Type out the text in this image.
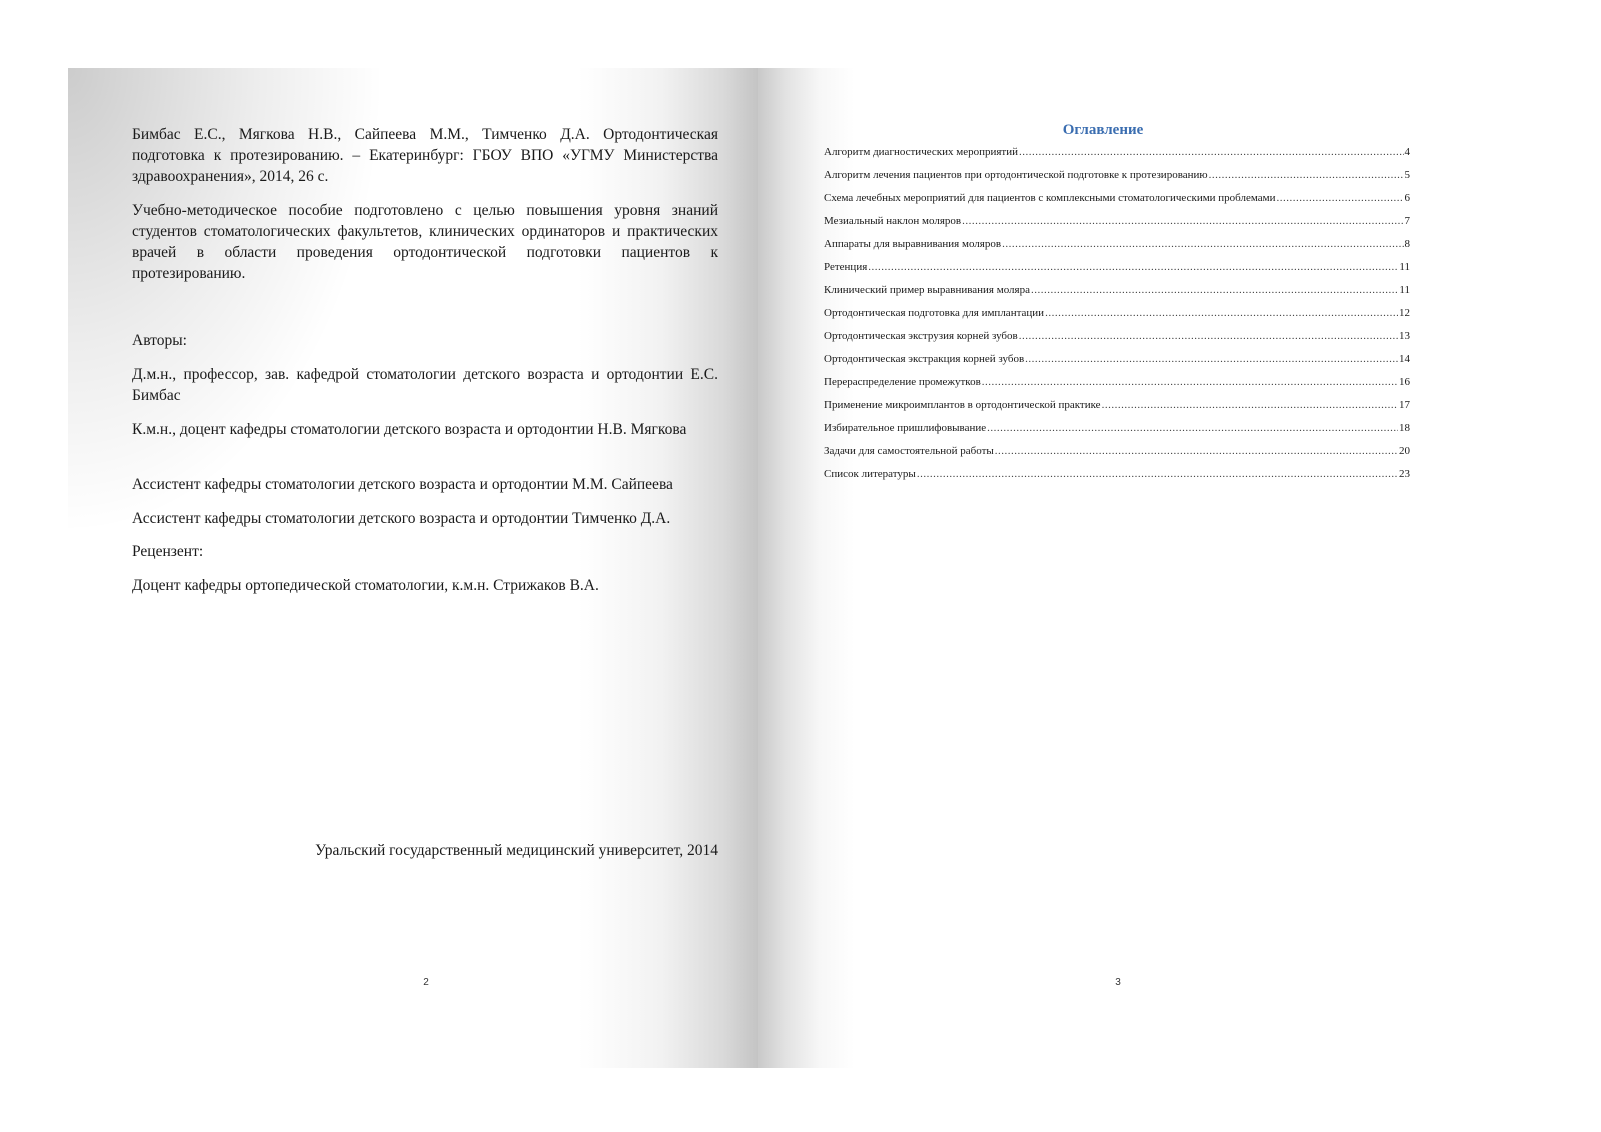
Бимбас Е.С., Мягкова Н.В., Сайпеева М.М., Тимченко Д.А. Ортодонтическая подготовка к протезированию. – Екатеринбург: ГБОУ ВПО «УГМУ Министерства здравоохранения», 2014, 26 с.

Учебно-методическое пособие подготовлено с целью повышения уровня знаний студентов стоматологических факультетов, клинических ординаторов и практических врачей в области проведения ортодонтической подготовки пациентов к протезированию.

Авторы:

Д.м.н., профессор, зав. кафедрой стоматологии детского возраста и ортодонтии Е.С. Бимбас

К.м.н., доцент кафедры стоматологии детского возраста и ортодонтии Н.В. Мягкова

Ассистент кафедры стоматологии детского возраста и ортодонтии М.М. Сайпеева

Ассистент кафедры стоматологии детского возраста и ортодонтии Тимченко Д.А.

Рецензент:

Доцент кафедры ортопедической стоматологии, к.м.н. Стрижаков В.А.

Уральский государственный медицинский университет, 2014

2
Оглавление
Алгоритм диагностических мероприятий .....	4
Алгоритм лечения пациентов при ортодонтической подготовке к протезированию .....	5
Схема лечебных мероприятий для пациентов с комплексными стоматологическими проблемами .....	6
Мезиальный наклон моляров .....	7
Аппараты для выравнивания моляров .....	8
Ретенция .....	11
Клинический пример выравнивания моляра .....	11
Ортодонтическая подготовка для имплантации .....	12
Ортодонтическая экструзия корней зубов .....	13
Ортодонтическая экстракция корней зубов .....	14
Перераспределение промежутков .....	16
Применение микроимплантов в ортодонтической практике .....	17
Избирательное пришлифовывание .....	18
Задачи для самостоятельной работы .....	20
Список литературы .....	23
3
